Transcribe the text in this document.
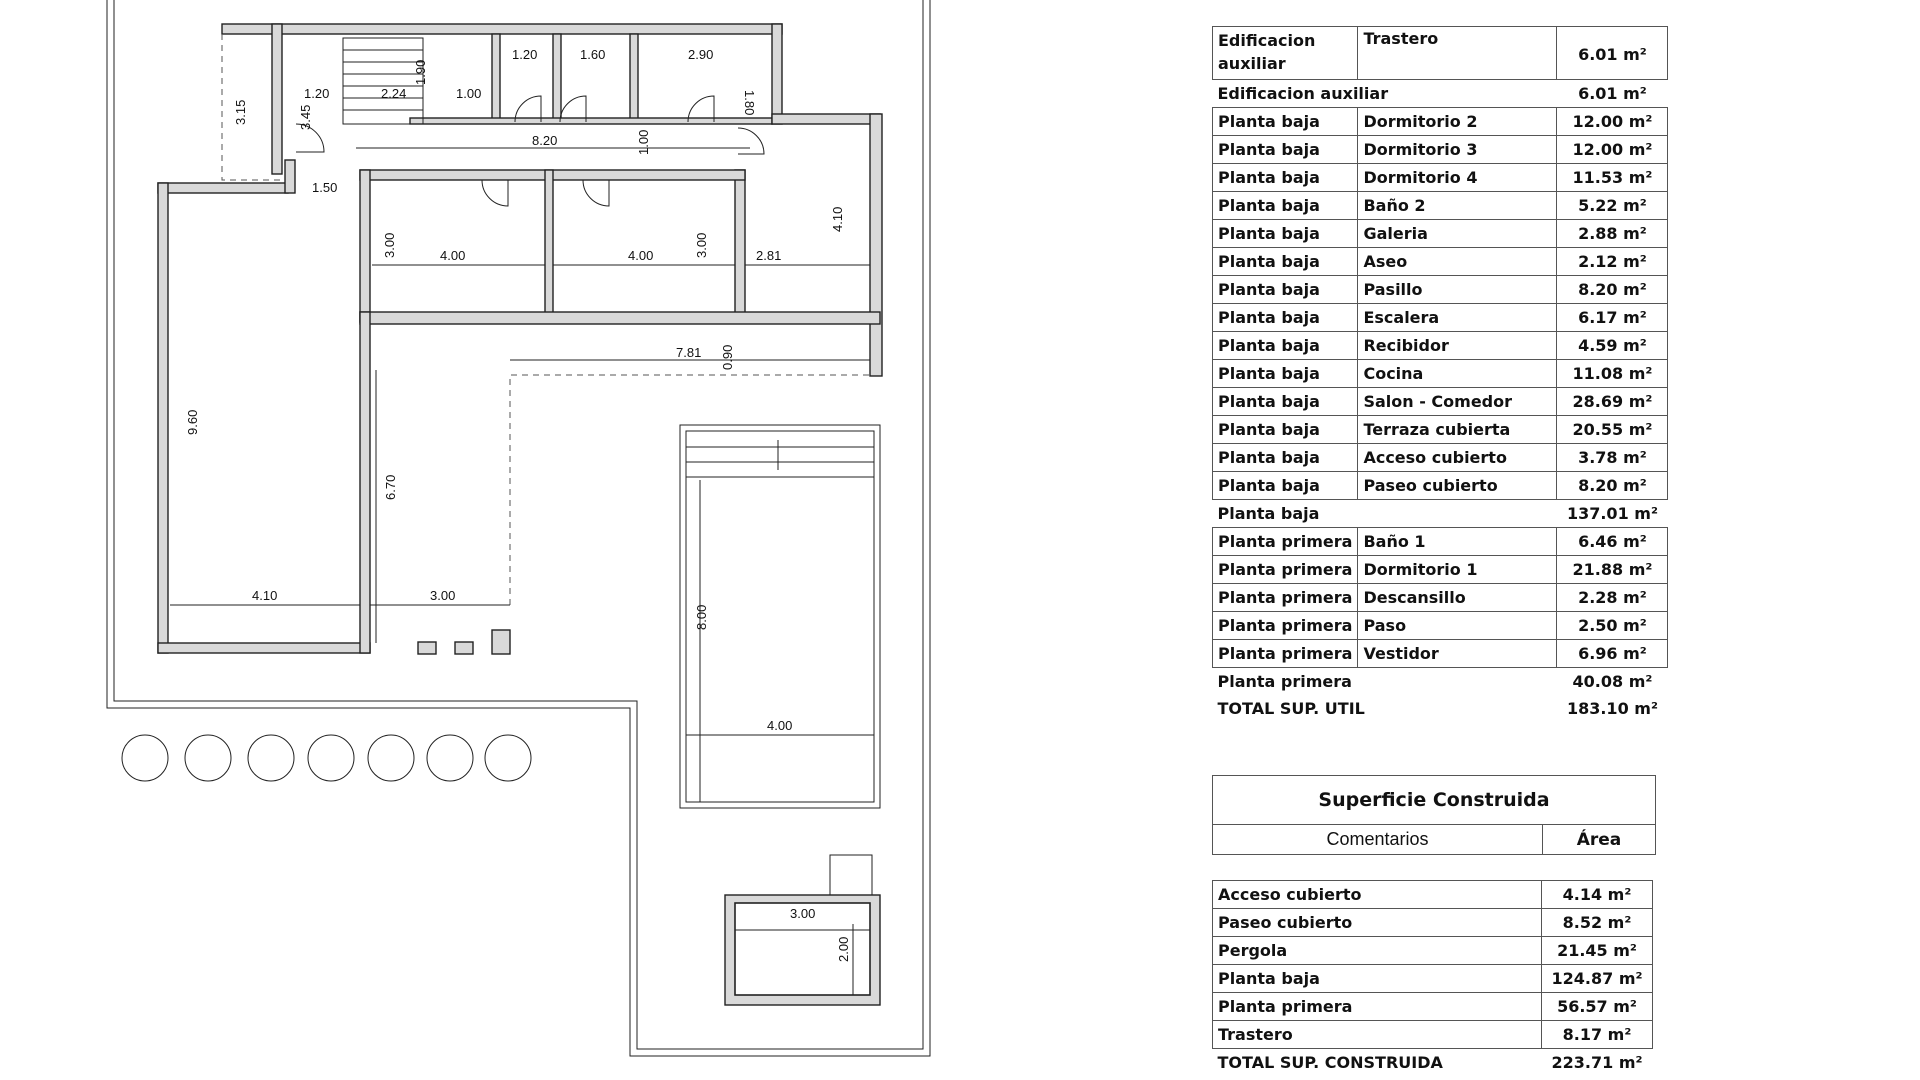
1.20	1.60	2.90
1.90
1.80
3.15	3.45
1.20	2.24	1.00
8.20	1.00
1.50
4.10
3.00	4.00	4.00	3.00	2.81
7.81 0.90
9.60
6.70
4.10	3.00
8.00
4.00
3.00
2.00
Edificacion auxiliar	Trastero	6.01 m²
Edificacion auxiliar		6.01 m²
Planta baja	Dormitorio 2	12.00 m²
Planta baja	Dormitorio 3	12.00 m²
Planta baja	Dormitorio 4	11.53 m²
Planta baja	Baño 2	5.22 m²
Planta baja	Galeria	2.88 m²
Planta baja	Aseo	2.12 m²
Planta baja	Pasillo	8.20 m²
Planta baja	Escalera	6.17 m²
Planta baja	Recibidor	4.59 m²
Planta baja	Cocina	11.08 m²
Planta baja	Salon - Comedor	28.69 m²
Planta baja	Terraza cubierta	20.55 m²
Planta baja	Acceso cubierto	3.78 m²
Planta baja	Paseo cubierto	8.20 m²
Planta baja		137.01 m²
Planta primera	Baño 1	6.46 m²
Planta primera	Dormitorio 1	21.88 m²
Planta primera	Descansillo	2.28 m²
Planta primera	Paso	2.50 m²
Planta primera	Vestidor	6.96 m²
Planta primera		40.08 m²
TOTAL SUP. UTIL		183.10 m²
Superficie Construida
Comentarios	Área
Acceso cubierto	4.14 m²
Paseo cubierto	8.52 m²
Pergola	21.45 m²
Planta baja	124.87 m²
Planta primera	56.57 m²
Trastero	8.17 m²
TOTAL SUP. CONSTRUIDA	223.71 m²
